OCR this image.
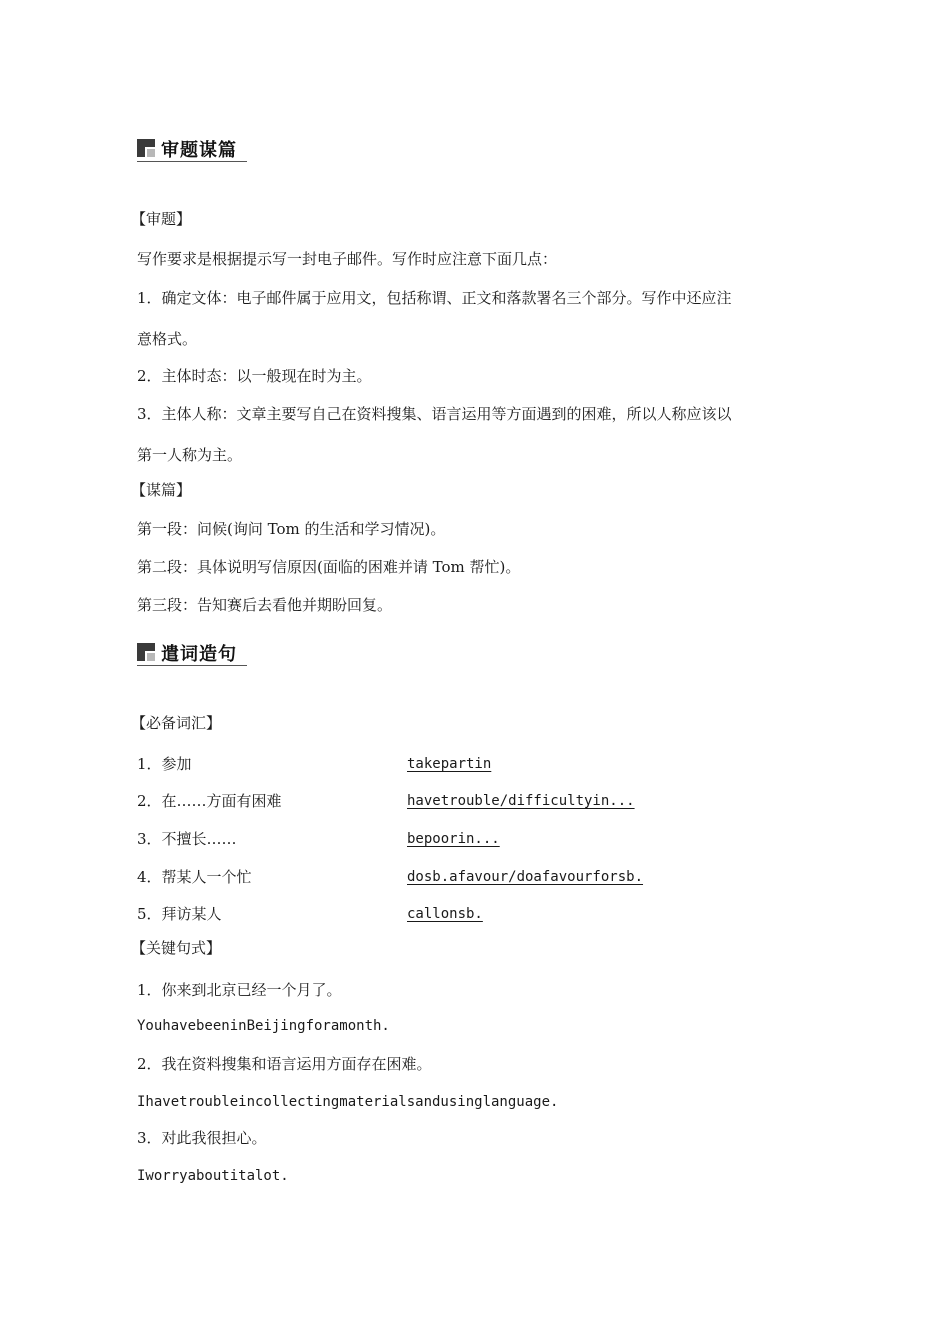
审题谋篇
【审题】
写作要求是根据提示写一封电子邮件。写作时应注意下面几点：
1．确定文体：电子邮件属于应用文，包括称谓、正文和落款署名三个部分。写作中还应注
意格式。
2．主体时态：以一般现在时为主。
3．主体人称：文章主要写自己在资料搜集、语言运用等方面遇到的困难，所以人称应该以
第一人称为主。
【谋篇】
第一段：问候(询问 Tom 的生活和学习情况)。
第二段：具体说明写信原因(面临的困难并请 Tom 帮忙)。
第三段：告知赛后去看他并期盼回复。
遣词造句
【必备词汇】
1．参加	takepartin
2．在……方面有困难	havetrouble/difficultyin...
3．不擅长……	bepoorin...
4．帮某人一个忙	dosb.afavour/doafavourforsb.
5．拜访某人	callonsb.
【关键句式】
1．你来到北京已经一个月了。
YouhavebeeninBeijingforamonth.
2．我在资料搜集和语言运用方面存在困难。
Ihavetroubleincollectingmaterialsandusinglanguage.
3．对此我很担心。
Iworryaboutitalot.
